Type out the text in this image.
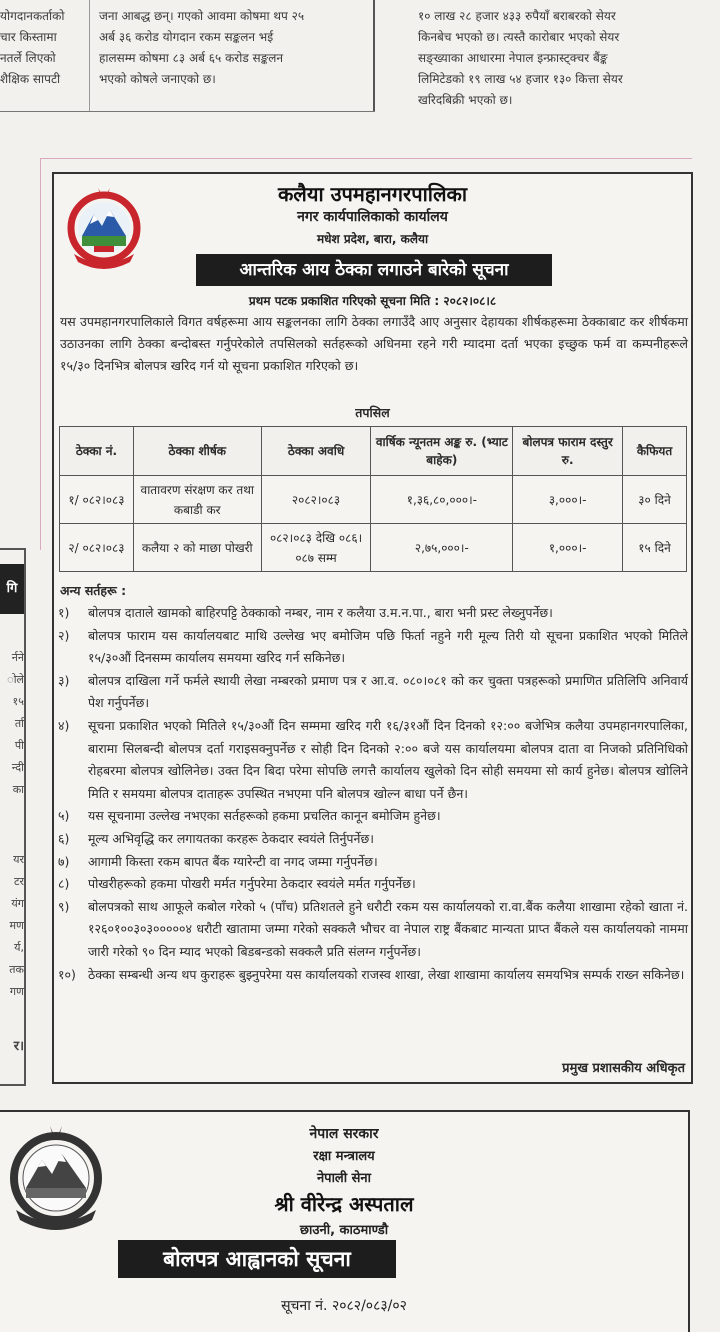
योगदानकर्ताको

चार किस्तामा

नतर्ले लिएको

शैक्षिक सापटी

जना आबद्ध छन्। गएको आवमा कोषमा थप २५

अर्ब ३६ करोड योगदान रकम सङ्कलन भई

हालसम्म कोषमा ८३ अर्ब ६५ करोड सङ्कलन

भएको कोषले जनाएको छ।

१० लाख २८ हजार ४३३ रुपैयाँ बराबरको सेयर

किनबेच भएको छ। त्यस्तै कारोबार भएको सेयर

सङ्ख्याका आधारमा नेपाल इन्फ्रास्ट्क्चर बैंङ्क

लिमिटेडको १९ लाख ५४ हजार १३० कित्ता सेयर

खरिदबिक्री भएको छ।

कलैया उपमहानगरपालिका
नगर कार्यपालिकाको कार्यालय
मधेश प्रदेश, बारा, कलैया
आन्तरिक आय ठेक्का लगाउने बारेको सूचना
प्रथम पटक प्रकाशित गरिएको सूचना मिति : २०८२।०८।८
यस उपमहानगरपालिकाले विगत वर्षहरूमा आय सङ्कलनका लागि ठेक्का लगाउँदै आए अनुसार देहायका शीर्षकहरूमा ठेक्काबाट कर शीर्षकमा उठाउनका लागि ठेक्का बन्दोबस्त गर्नुपरेकोले तपसिलको सर्तहरूको अधिनमा रहने गरी म्यादमा दर्ता भएका इच्छुक फर्म वा कम्पनीहरूले १५/३० दिनभित्र बोलपत्र खरिद गर्न यो सूचना प्रकाशित गरिएको छ।
तपसिल
ठेक्का नं.	ठेक्का शीर्षक	ठेक्का अवधि	वार्षिक न्यूनतम अङ्क रु. (भ्याट बाहेक)	बोलपत्र फाराम दस्तुर रु.	कैफियत
१/ ०८२।०८३	वातावरण संरक्षण कर तथा कबाडी कर	२०८२।०८३	१,३६,८०,०००।-	३,०००।-	३० दिने
२/ ०८२।०८३	कलैया २ को माछा पोखरी	०८२।०८३ देखि ०८६।०८७ सम्म	२,७५,०००।-	१,०००।-	१५ दिने
अन्य सर्तहरू :
१)	बोलपत्र दाताले खामको बाहिरपट्टि ठेक्काको नम्बर, नाम र कलैया उ.म.न.पा., बारा भनी प्रस्ट लेख्नुपर्नेछ।
२)	बोलपत्र फाराम यस कार्यालयबाट माथि उल्लेख भए बमोजिम पछि फिर्ता नहुने गरी मूल्य तिरी यो सूचना प्रकाशित भएको मितिले १५/३०औं दिनसम्म कार्यालय समयमा खरिद गर्न सकिनेछ।
३)	बोलपत्र दाखिला गर्ने फर्मले स्थायी लेखा नम्बरको प्रमाण पत्र र आ.व. ०८०।०८१ को कर चुक्ता पत्रहरूको प्रमाणित प्रतिलिपि अनिवार्य पेश गर्नुपर्नेछ।
४)	सूचना प्रकाशित भएको मितिले १५/३०औं दिन सम्ममा खरिद गरी १६/३१औं दिन दिनको १२:०० बजेभित्र कलैया उपमहानगरपालिका, बारामा सिलबन्दी बोलपत्र दर्ता गराइसक्नुपर्नेछ र सोही दिन दिनको २:०० बजे यस कार्यालयमा बोलपत्र दाता वा निजको प्रतिनिधिको रोहबरमा बोलपत्र खोलिनेछ। उक्त दिन बिदा परेमा सोपछि लगत्तै कार्यालय खुलेको दिन सोही समयमा सो कार्य हुनेछ। बोलपत्र खोलिने मिति र समयमा बोलपत्र दाताहरू उपस्थित नभएमा पनि बोलपत्र खोल्न बाधा पर्ने छैन।
५)	यस सूचनामा उल्लेख नभएका सर्तहरूको हकमा प्रचलित कानून बमोजिम हुनेछ।
६)	मूल्य अभिवृद्धि कर लगायतका करहरू ठेकदार स्वयंले तिर्नुपर्नेछ।
७)	आगामी किस्ता रकम बापत बैंक ग्यारेन्टी वा नगद जम्मा गर्नुपर्नेछ।
८)	पोखरीहरूको हकमा पोखरी मर्मत गर्नुपरेमा ठेकदार स्वयंले मर्मत गर्नुपर्नेछ।
९)	बोलपत्रको साथ आफूले कबोल गरेको ५ (पाँच) प्रतिशतले हुने धरौटी रकम यस कार्यालयको रा.वा.बैंक कलैया शाखामा रहेको खाता नं. १२६०१००३०३०००००४ धरौटी खातामा जम्मा गरेको सक्कलै भौचर वा नेपाल राष्ट्र बैंकबाट मान्यता प्राप्त बैंकले यस कार्यालयको नाममा जारी गरेको ९० दिन म्याद भएको बिडबन्डको सक्कलै प्रति संलग्न गर्नुपर्नेछ।
१०) ठेक्का सम्बन्धी अन्य थप कुराहरू बुझ्नुपरेमा यस कार्यालयको राजस्व शाखा, लेखा शाखामा कार्यालय समयभित्र सम्पर्क राख्न सकिनेछ।
प्रमुख प्रशासकीय अधिकृत
गि
र्नने
ोले
१५
र्ता
पी
न्दी
का
यर
टर
यंग
मण
र्य,
तक
गण
र।
नेपाल सरकार
रक्षा मन्त्रालय
नेपाली सेना
श्री वीरेन्द्र अस्पताल
छाउनी, काठमाण्डौ
बोलपत्र आह्वानको सूचना
सूचना नं. २०८२/०८३/०२
